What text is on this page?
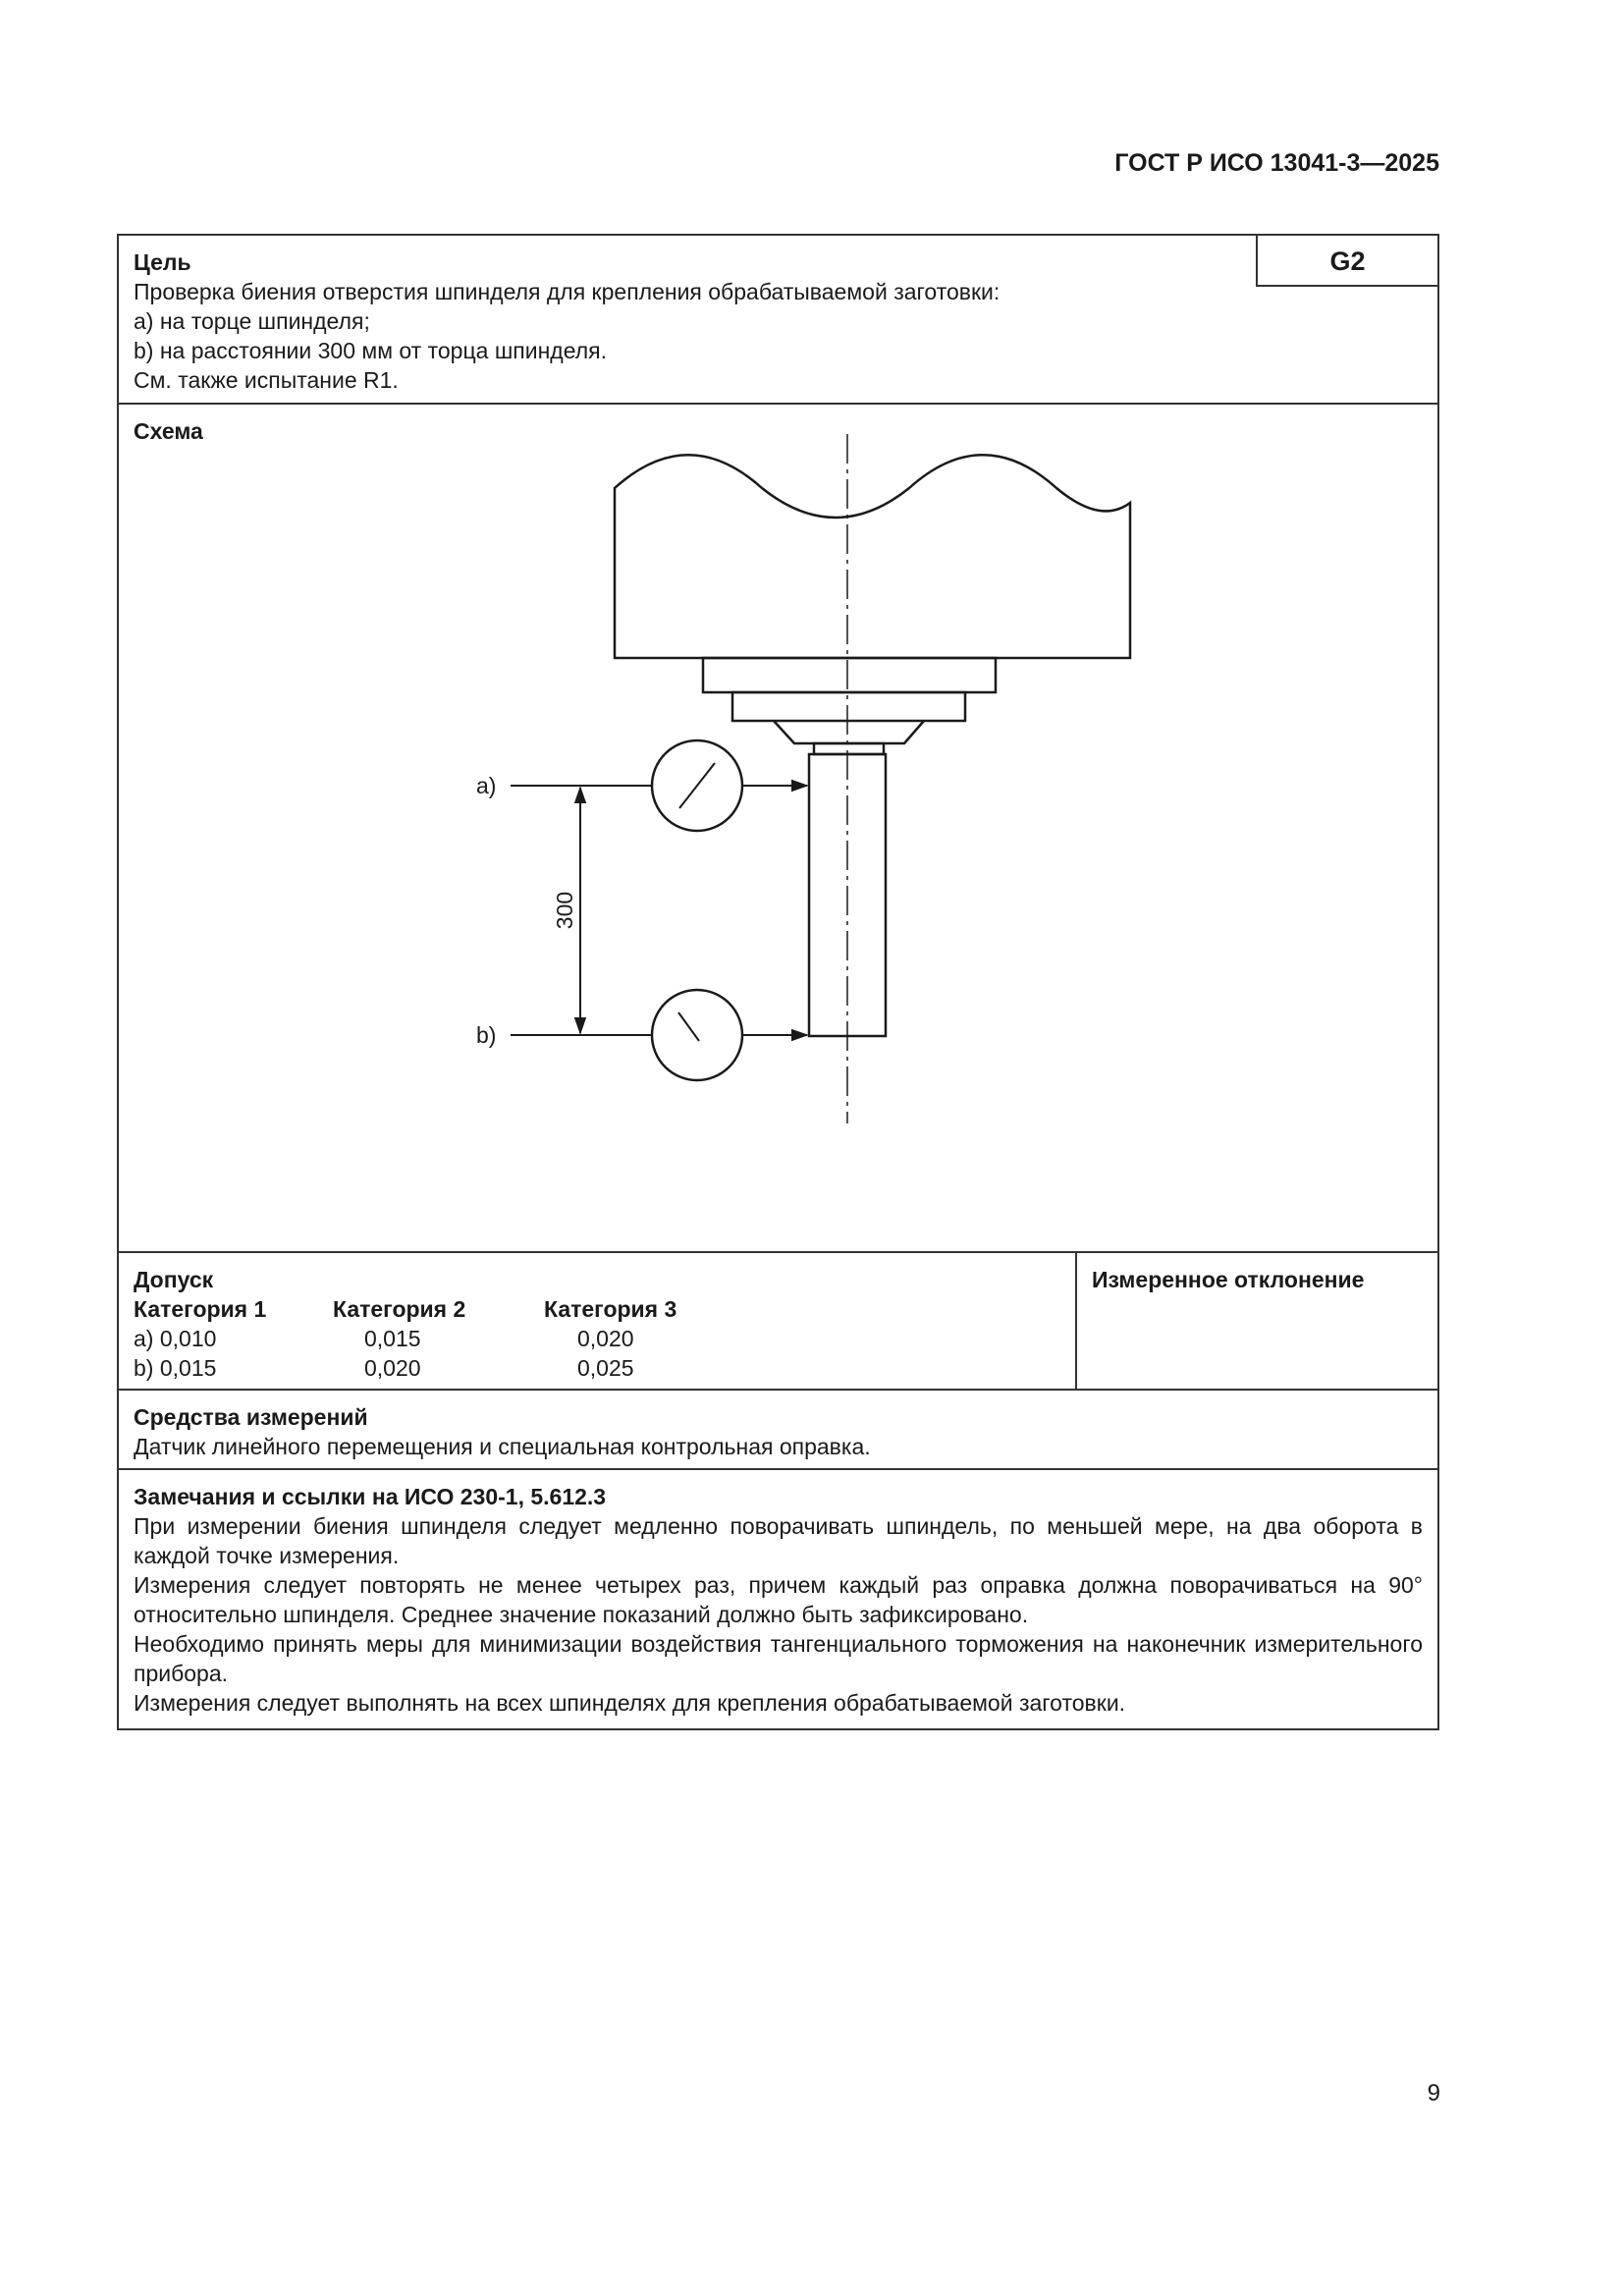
ГОСТ Р ИСО 13041-3—2025
Цель
Проверка биения отверстия шпинделя для крепления обрабатываемой заготовки:
a) на торце шпинделя;
b) на расстоянии 300 мм от торца шпинделя.
См. также испытание R1.
G2
Схема
a)
b)
300
Допуск
Категория 1	Категория 2	Категория 3
a) 0,010	0,015	0,020
b) 0,015	0,020	0,025
Измеренное отклонение
Средства измерений
Датчик линейного перемещения и специальная контрольная оправка.
Замечания и ссылки на ИСО 230-1, 5.612.3

При измерении биения шпинделя следует медленно поворачивать шпиндель, по меньшей мере, на два оборота в каждой точке измерения.

Измерения следует повторять не менее четырех раз, причем каждый раз оправка должна поворачиваться на 90° относительно шпинделя. Среднее значение показаний должно быть зафиксировано.

Необходимо принять меры для минимизации воздействия тангенциального торможения на наконечник измерительного прибора.

Измерения следует выполнять на всех шпинделях для крепления обрабатываемой заготовки.

9
